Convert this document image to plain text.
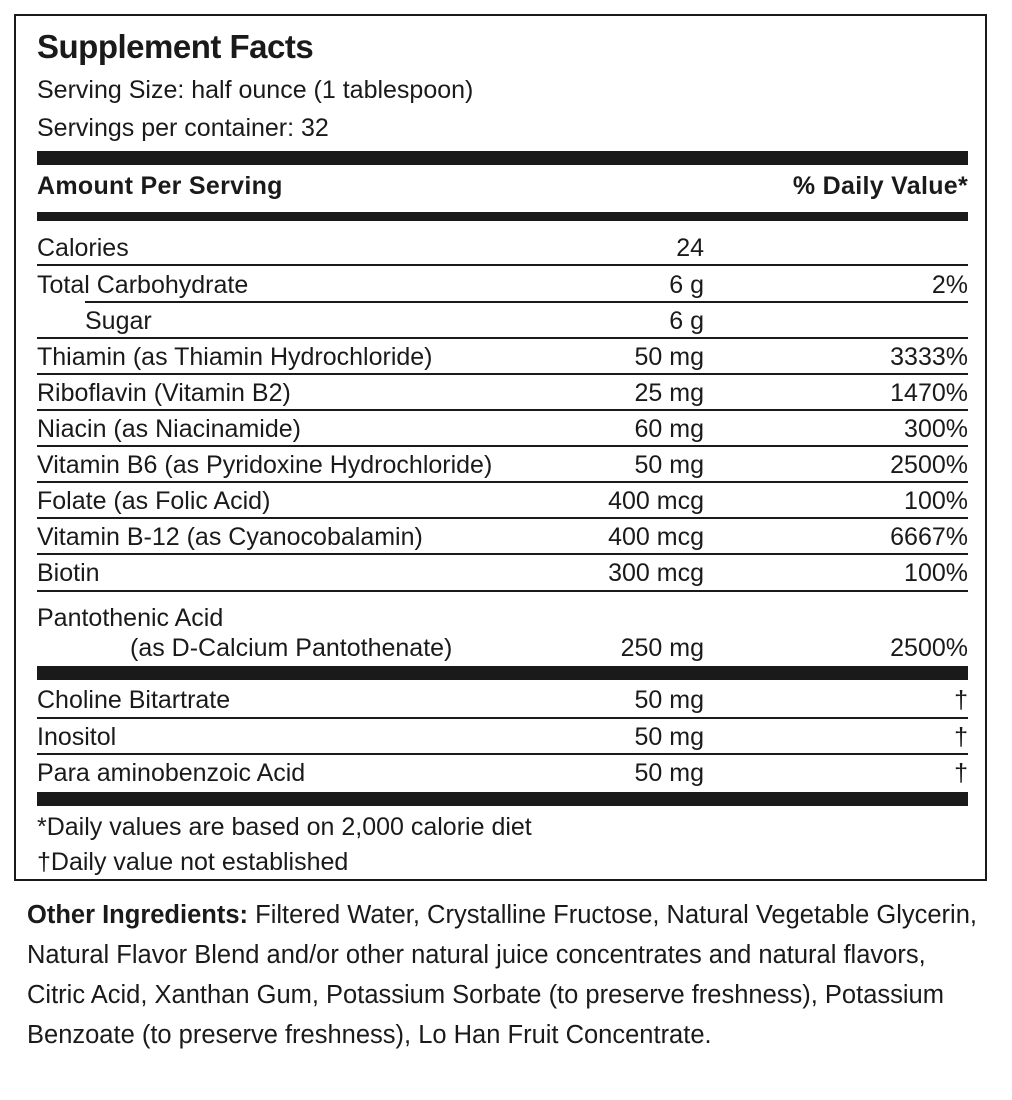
Supplement Facts
Serving Size: half ounce (1 tablespoon)
Servings per container: 32
Amount Per Serving	% Daily Value*
Calories	24
Total Carbohydrate	6 g	2%
Sugar	6 g
Thiamin (as Thiamin Hydrochloride)	50 mg	3333%
Riboflavin (Vitamin B2)	25 mg	1470%
Niacin (as Niacinamide)	60 mg	300%
Vitamin B6 (as Pyridoxine Hydrochloride)	50 mg	2500%
Folate (as Folic Acid)	400 mcg	100%
Vitamin B-12 (as Cyanocobalamin)	400 mcg	6667%
Biotin	300 mcg	100%
Pantothenic Acid
(as D-Calcium Pantothenate)	250 mg	2500%
Choline Bitartrate	50 mg	†
Inositol	50 mg	†
Para aminobenzoic Acid	50 mg	†
*Daily values are based on 2,000 calorie diet
†Daily value not established
Other Ingredients: Filtered Water, Crystalline Fructose, Natural Vegetable Glycerin, Natural Flavor Blend and/or other natural juice concentrates and natural flavors, Citric Acid, Xanthan Gum, Potassium Sorbate (to preserve freshness), Potassium Benzoate (to preserve freshness), Lo Han Fruit Concentrate.
